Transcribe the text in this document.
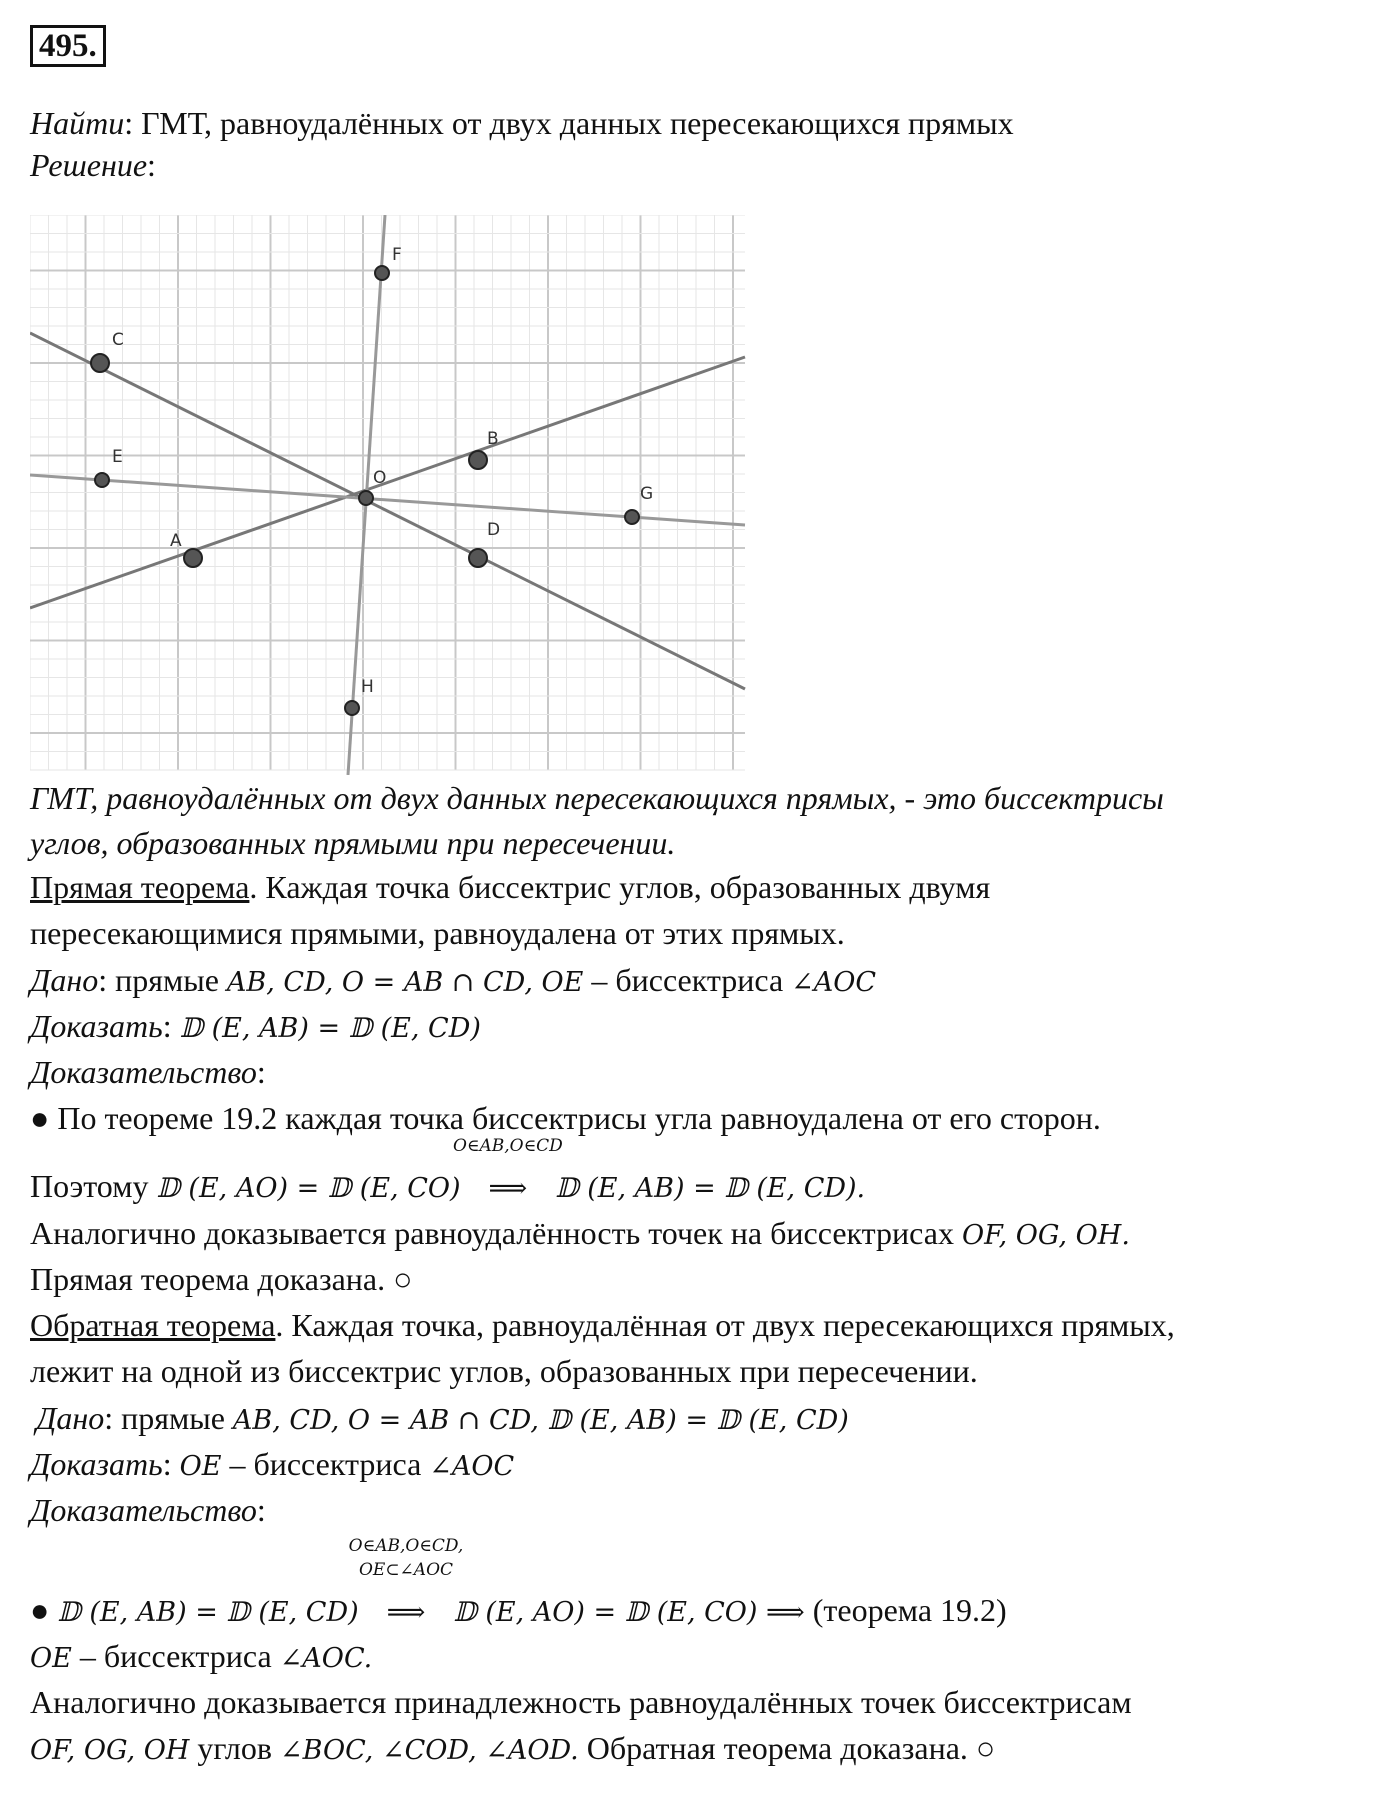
495.
Найти: ГМТ, равноудалённых от двух данных пересекающихся прямых
Решение:
C
E
A
F
O
B
D
G
H
ГМТ, равноудалённых от двух данных пересекающихся прямых, - это биссектрисы
углов, образованных прямыми при пересечении.
Прямая теорема. Каждая точка биссектрис углов, образованных двумя
пересекающимися прямыми, равноудалена от этих прямых.
Дано: прямые AB, CD, O = AB ∩ CD, OE – биссектриса ∠AOC
Доказать: 𝔻 (E, AB) = 𝔻 (E, CD)
Доказательство:
● По теореме 19.2 каждая точка биссектрисы угла равноудалена от его сторон.
Поэтому 𝔻 (E, AO) = 𝔻 (E, CO)
O∈AB,O∈CD
⟹ 𝔻 (E, AB) = 𝔻 (E, CD).
Аналогично доказывается равноудалённость точек на биссектрисах OF, OG, OH.
Прямая теорема доказана. ○
Обратная теорема. Каждая точка, равноудалённая от двух пересекающихся прямых,
лежит на одной из биссектрис углов, образованных при пересечении.
Дано: прямые AB, CD, O = AB ∩ CD, 𝔻 (E, AB) = 𝔻 (E, CD)
Доказать: OE – биссектриса ∠AOC
Доказательство:
● 𝔻 (E, AB) = 𝔻 (E, CD)
O∈AB,O∈CD,
OE⊂∠AOC
⟹ 𝔻 (E, AO) = 𝔻 (E, CO) ⟹ (теорема 19.2)
OE – биссектриса ∠AOC.
Аналогично доказывается принадлежность равноудалённых точек биссектрисам
OF, OG, OH углов ∠BOC, ∠COD, ∠AOD. Обратная теорема доказана. ○
